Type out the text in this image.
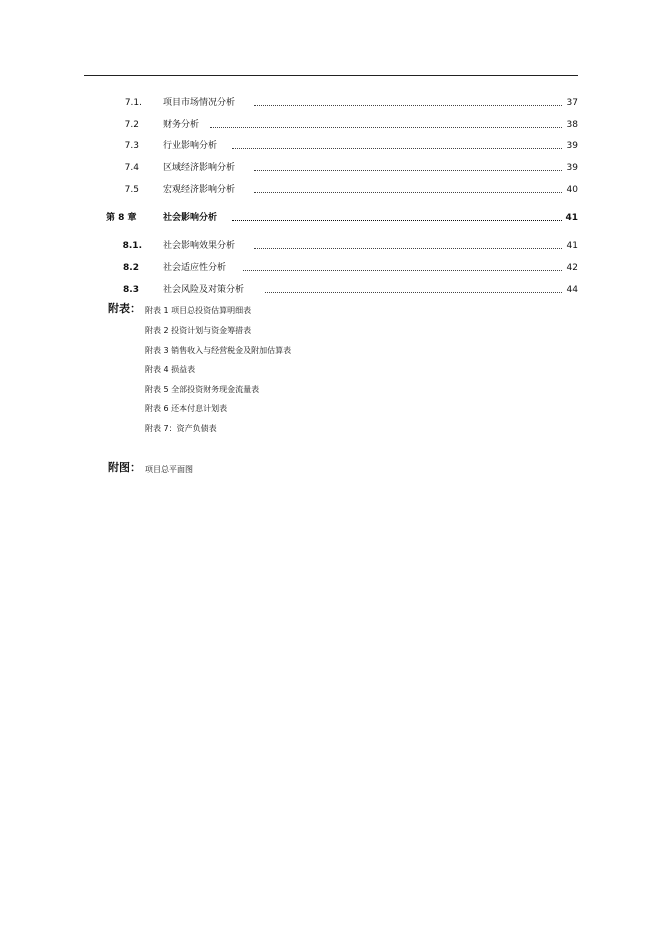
7.1. 项目市场情况分析	37
7.2	财务分析	38
7.3	行业影响分析	39
7.4	区域经济影响分析	39
7.5	宏观经济影响分析	40
第 8 章	社会影响分析	41
8.1. 社会影响效果分析	41
8.2	社会适应性分析	42
8.3	社会风险及对策分析	44
附表： 附表 1 项目总投资估算明细表
附表 2 投资计划与资金筹措表
附表 3 销售收入与经营税金及附加估算表
附表 4 损益表
附表 5 全部投资财务现金流量表
附表 6 还本付息计划表
附表 7：资产负债表
附图： 项目总平面图
